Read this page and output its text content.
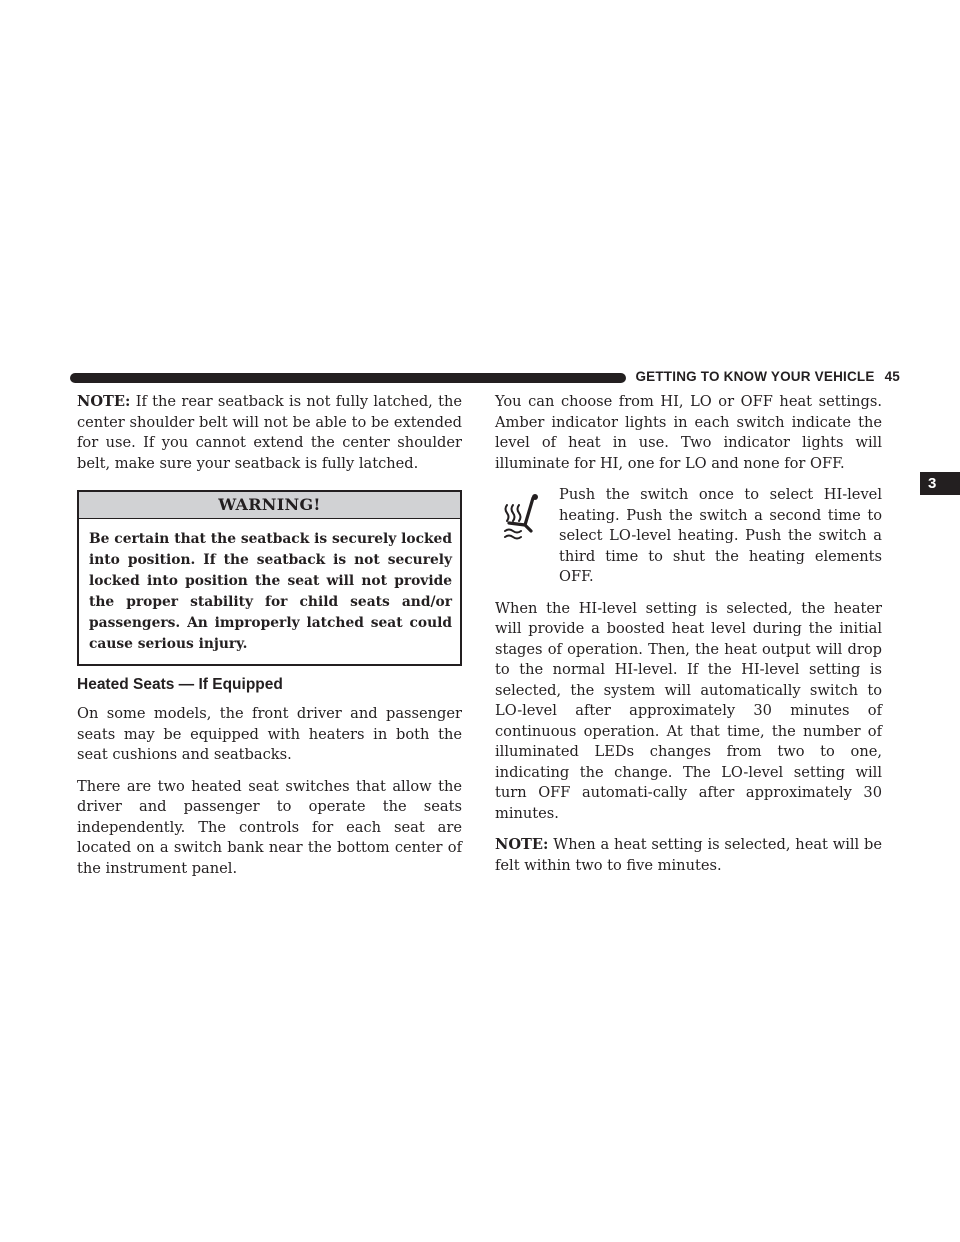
GETTING TO KNOW YOUR VEHICLE 45
3

NOTE: If the rear seatback is not fully latched, the center shoulder belt will not be able to be extended for use. If you cannot extend the center shoulder belt, make sure your seatback is fully latched.

WARNING!
Be certain that the seatback is securely locked into position. If the seatback is not securely locked into position the seat will not provide the proper stability for child seats and/or passengers. An improperly latched seat could cause serious injury.
Heated Seats — If Equipped

On some models, the front driver and passenger seats may be equipped with heaters in both the seat cushions and seatbacks.

There are two heated seat switches that allow the driver and passenger to operate the seats independently. The controls for each seat are located on a switch bank near the bottom center of the instrument panel.

You can choose from HI, LO or OFF heat settings. Amber indicator lights in each switch indicate the level of heat in use. Two indicator lights will illuminate for HI, one for LO and none for OFF.

Push the switch once to select HI-level heating. Push the switch a second time to select LO-level heating. Push the switch a third time to shut the heating elements OFF.

When the HI-level setting is selected, the heater will provide a boosted heat level during the initial stages of operation. Then, the heat output will drop to the normal HI-level. If the HI-level setting is selected, the system will automatically switch to LO-level after approximately 30 minutes of continuous operation. At that time, the number of illuminated LEDs changes from two to one, indicating the change. The LO-level setting will turn OFF automati-cally after approximately 30 minutes.

NOTE: When a heat setting is selected, heat will be felt within two to five minutes.
